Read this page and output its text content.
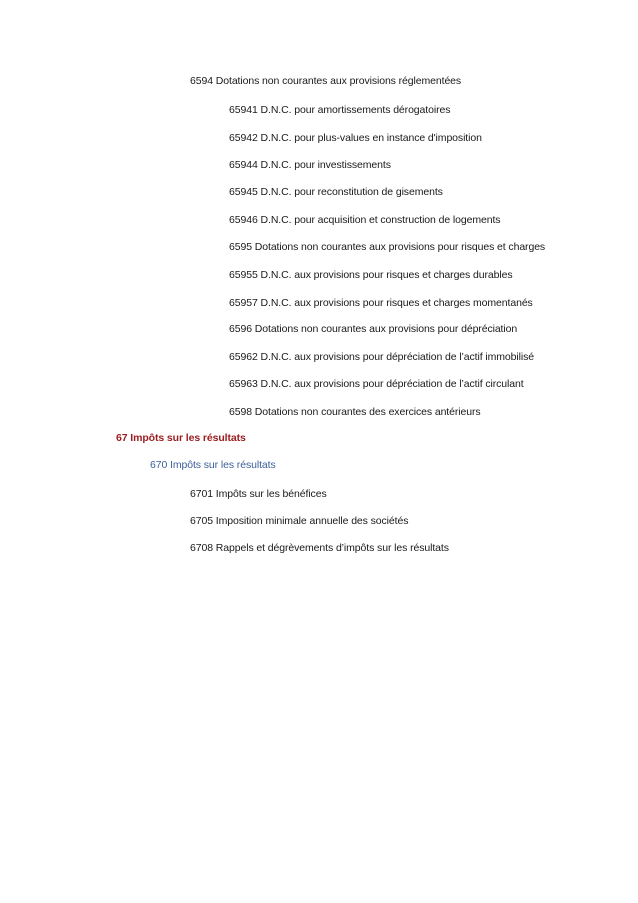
6594 Dotations non courantes aux provisions réglementées
65941 D.N.C. pour amortissements dérogatoires
65942 D.N.C. pour plus-values en instance d'imposition
65944 D.N.C. pour investissements
65945 D.N.C. pour reconstitution de gisements
65946 D.N.C. pour acquisition et construction de logements
6595 Dotations non courantes aux provisions pour risques et charges
65955 D.N.C. aux provisions pour risques et charges durables
65957 D.N.C. aux provisions pour risques et charges momentanés
6596 Dotations non courantes aux provisions pour dépréciation
65962 D.N.C. aux provisions pour dépréciation de l’actif immobilisé
65963 D.N.C. aux provisions pour dépréciation de l’actif circulant
6598 Dotations non courantes des exercices antérieurs
67 Impôts sur les résultats
670 Impôts sur les résultats
6701 Impôts sur les bénéfices
6705 Imposition minimale annuelle des sociétés
6708 Rappels et dégrèvements d’impôts sur les résultats
